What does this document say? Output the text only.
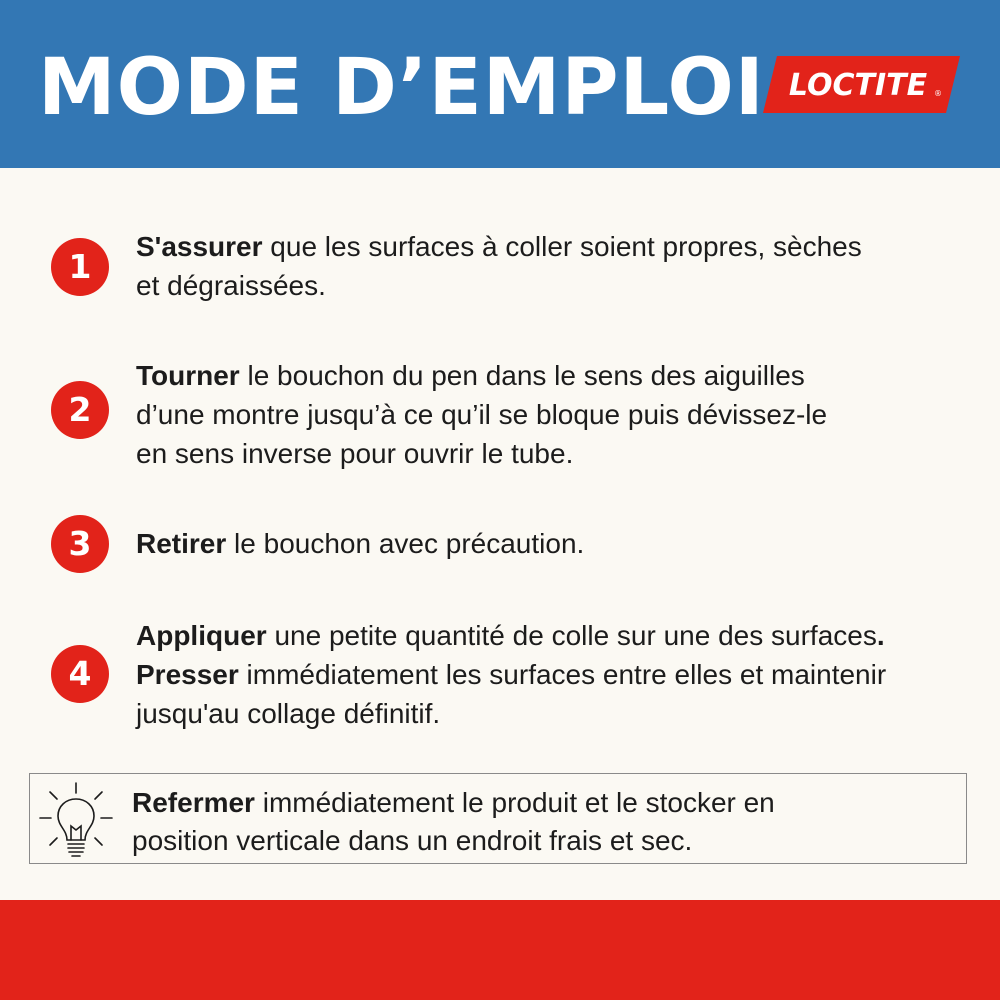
MODE D’EMPLOI LOCTITE ®
1
S'assurer que les surfaces à coller soient propres, sèches
et dégraissées.
2
Tourner le bouchon du pen dans le sens des aiguilles
d’une montre jusqu’à ce qu’il se bloque puis dévissez-le
en sens inverse pour ouvrir le tube.
3	Retirer le bouchon avec précaution.
4
Appliquer une petite quantité de colle sur une des surfaces.
Presser immédiatement les surfaces entre elles et maintenir
jusqu'au collage définitif.
Refermer immédiatement le produit et le stocker en
position verticale dans un endroit frais et sec.
